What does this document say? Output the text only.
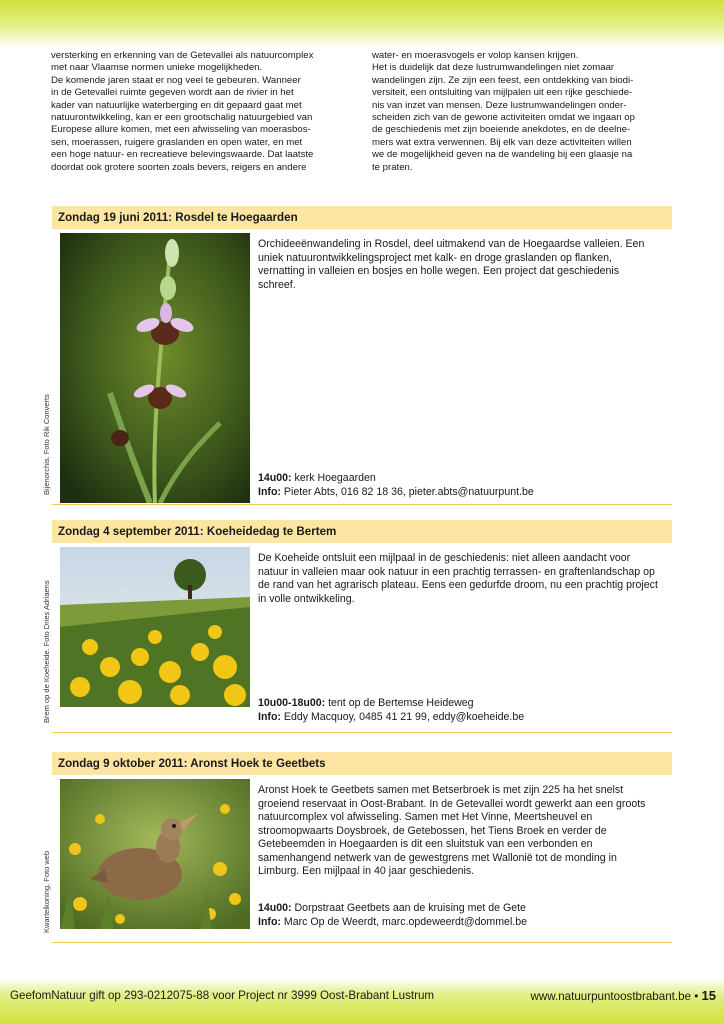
versterking en erkenning van de Getevallei als natuurcomplex
met naar Vlaamse normen unieke mogelijkheden.
De komende jaren staat er nog veel te gebeuren. Wanneer
in de Getevallei ruimte gegeven wordt aan de rivier in het
kader van natuurlijke waterberging en dit gepaard gaat met
natuurontwikkeling, kan er een grootschalig natuurgebied van
Europese allure komen, met een afwisseling van moerasbos-
sen, moerassen, ruigere graslanden en open water, en met
een hoge natuur- en recreatieve belevingswaarde. Dat laatste
doordat ook grotere soorten zoals bevers, reigers en andere
water- en moerasvogels er volop kansen krijgen.
Het is duidelijk dat deze lustrumwandelingen niet zomaar
wandelingen zijn. Ze zijn een feest, een ontdekking van biodi-
versiteit, een ontsluiting van mijlpalen uit een rijke geschiede-
nis van inzet van mensen. Deze lustrumwandelingen onder-
scheiden zich van de gewone activiteiten omdat we ingaan op
de geschiedenis met zijn boeiende anekdotes, en de deelne-
mers wat extra verwennen. Bij elk van deze activiteiten willen
we de mogelijkheid geven na de wandeling bij een glaasje na
te praten.
Zondag 19 juni 2011: Rosdel te Hoegaarden
Bijenorchis. Foto Rik Converts
Orchideeënwandeling in Rosdel, deel uitmakend van de Hoegaardse valleien. Een uniek natuurontwikkelingsproject met kalk- en droge graslanden op flanken, vernatting in valleien en bosjes en holle wegen. Een project dat geschiedenis schreef.
14u00: kerk Hoegaarden
Info: Pieter Abts, 016 82 18 36, pieter.abts@natuurpunt.be
Zondag 4 september 2011: Koeheidedag te Bertem
Brem op de Koeheide. Foto Dries Adriaens
De Koeheide ontsluit een mijlpaal in de geschiedenis: niet alleen aandacht voor natuur in valleien maar ook natuur in een prachtig terrassen- en graftenlandschap op de rand van het agrarisch plateau. Eens een gedurfde droom, nu een prachtig project in volle ontwikkeling.
10u00-18u00: tent op de Bertemse Heideweg
Info: Eddy Macquoy, 0485 41 21 99, eddy@koeheide.be
Zondag 9 oktober 2011: Aronst Hoek te Geetbets
Kwartelkoning. Foto web
Aronst Hoek te Geetbets samen met Betserbroek is met zijn 225 ha het snelst groeiend reservaat in Oost-Brabant. In de Getevallei wordt gewerkt aan een groots natuurcomplex vol afwisseling. Samen met Het Vinne, Meertsheuvel en stroomopwaarts Doysbroek, de Getebossen, het Tiens Broek en verder de Getebeemden in Hoegaarden is dit een sluitstuk van een verbonden en samenhangend netwerk van de gewestgrens met Wallonië tot de monding in Limburg. Een mijlpaal in 40 jaar geschiedenis.
14u00: Dorpstraat Geetbets aan de kruising met de Gete
Info: Marc Op de Weerdt, marc.opdeweerdt@dommel.be
GeefomNatuur gift op 293-0212075-88 voor Project nr 3999 Oost-Brabant Lustrum	www.natuurpuntoostbrabant.be • 15
